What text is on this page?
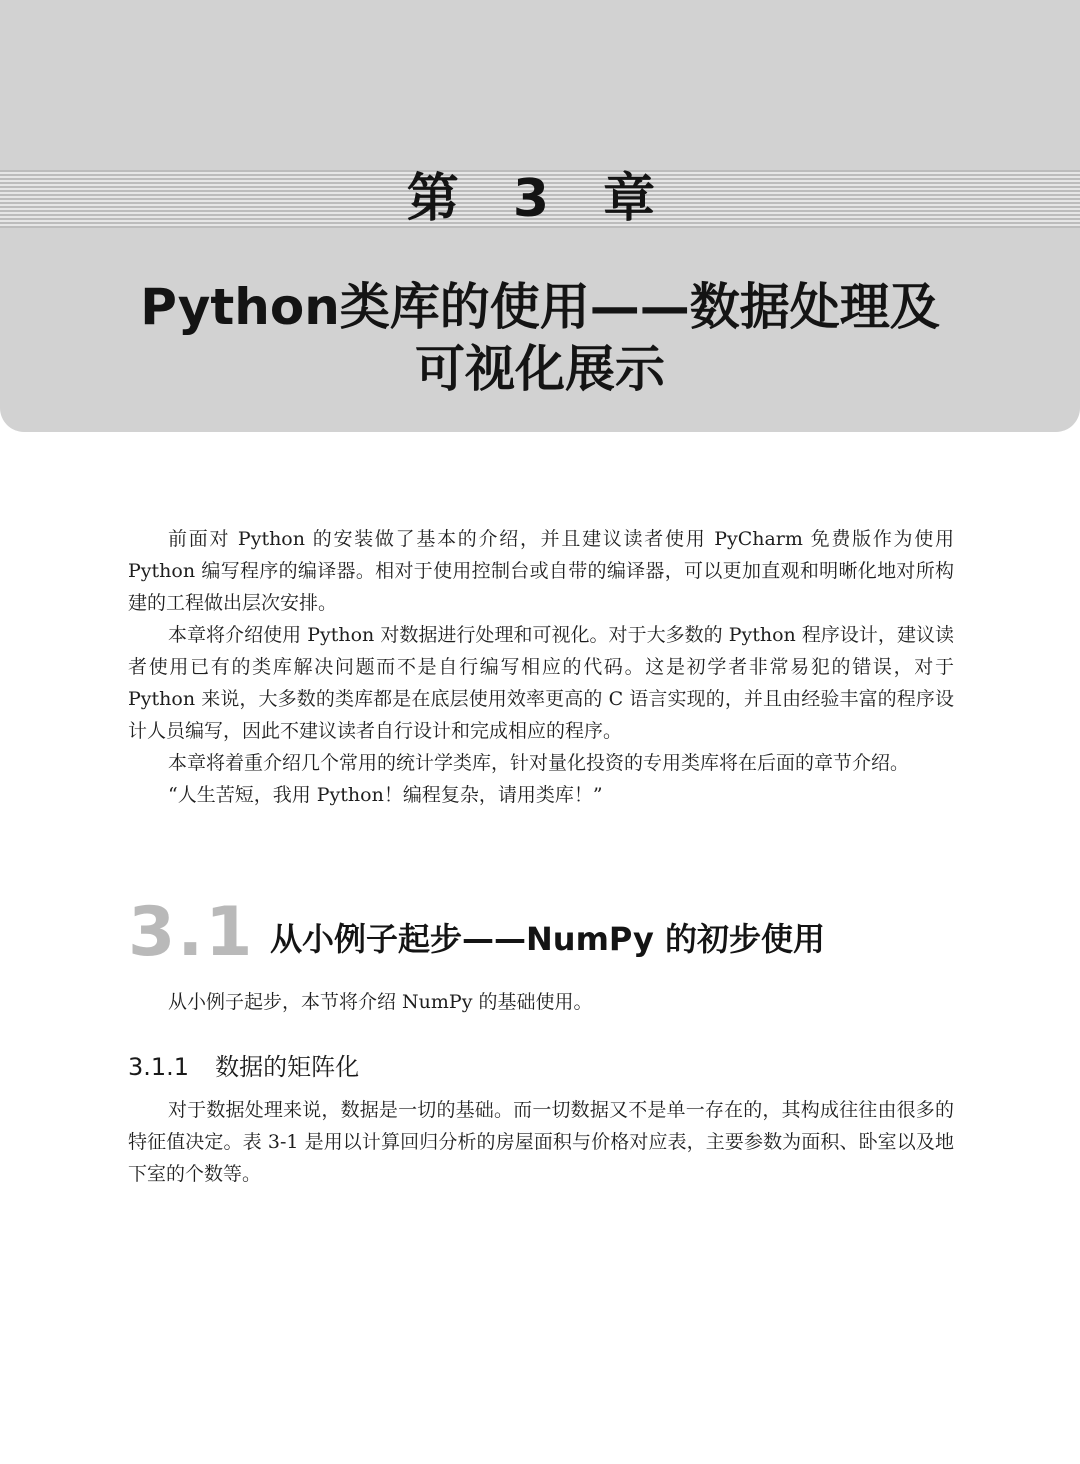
第 3 章
Python类库的使用——数据处理及
可视化展示

前面对 Python 的安装做了基本的介绍，并且建议读者使用 PyCharm 免费版作为使用 Python 编写程序的编译器。相对于使用控制台或自带的编译器，可以更加直观和明晰化地对所构建的工程做出层次安排。

本章将介绍使用 Python 对数据进行处理和可视化。对于大多数的 Python 程序设计，建议读者使用已有的类库解决问题而不是自行编写相应的代码。这是初学者非常易犯的错误，对于 Python 来说，大多数的类库都是在底层使用效率更高的 C 语言实现的，并且由经验丰富的程序设计人员编写，因此不建议读者自行设计和完成相应的程序。

本章将着重介绍几个常用的统计学类库，针对量化投资的专用类库将在后面的章节介绍。

“人生苦短，我用 Python！编程复杂，请用类库！”

3.1 从小例子起步——NumPy 的初步使用

从小例子起步，本节将介绍 NumPy 的基础使用。

3.1.1 数据的矩阵化

对于数据处理来说，数据是一切的基础。而一切数据又不是单一存在的，其构成往往由很多的特征值决定。表 3-1 是用以计算回归分析的房屋面积与价格对应表，主要参数为面积、卧室以及地下室的个数等。
